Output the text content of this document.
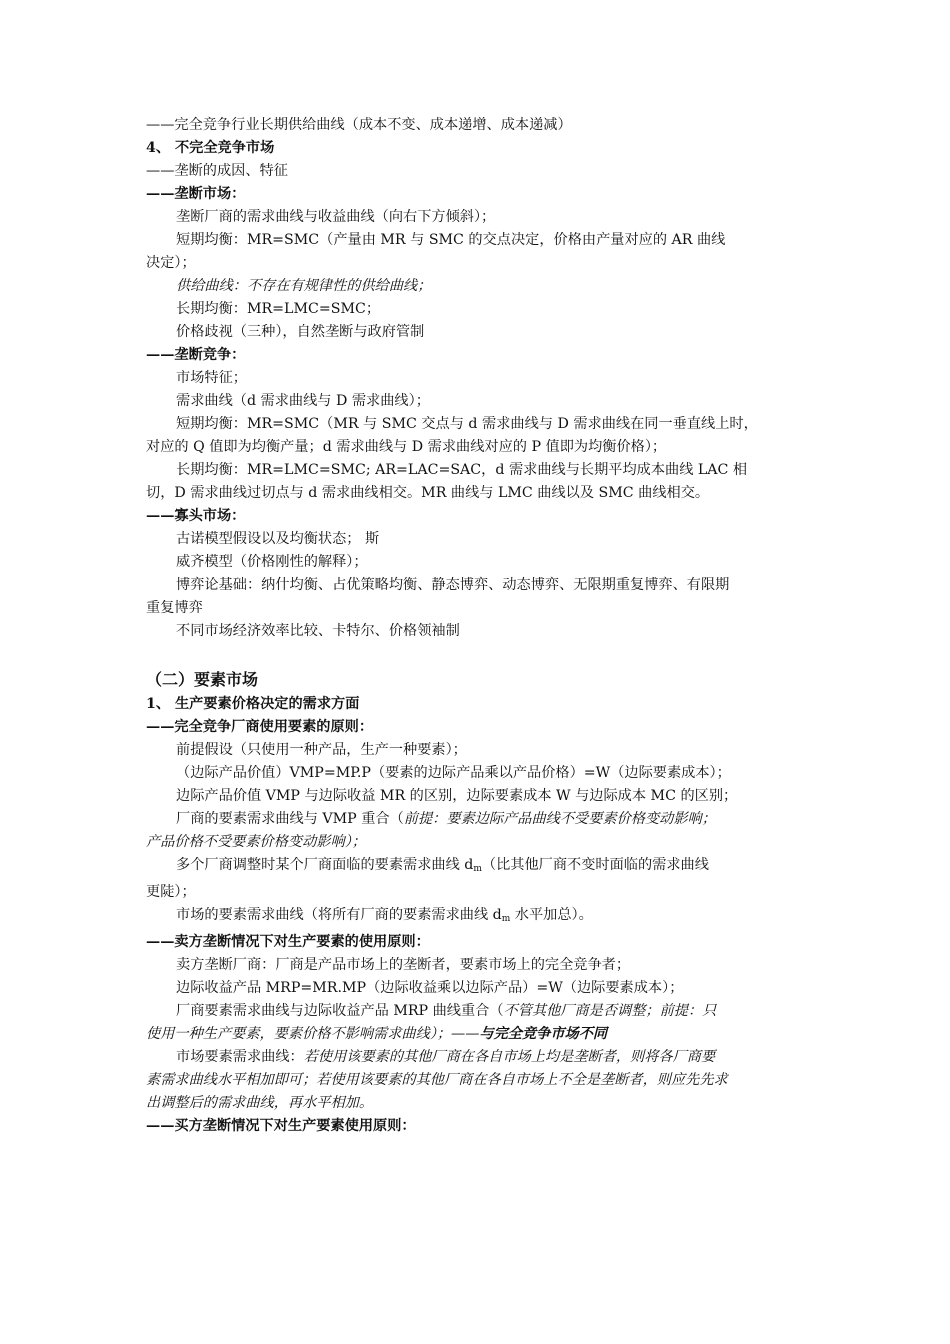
——完全竞争行业长期供给曲线（成本不变、成本递增、成本递减）

4、 不完全竞争市场

——垄断的成因、特征

——垄断市场：

垄断厂商的需求曲线与收益曲线（向右下方倾斜）；

短期均衡：MR=SMC（产量由 MR 与 SMC 的交点决定，价格由产量对应的 AR 曲线

决定）；

供给曲线：不存在有规律性的供给曲线；

长期均衡：MR=LMC=SMC；

价格歧视（三种），自然垄断与政府管制

——垄断竞争：

市场特征；

需求曲线（d 需求曲线与 D 需求曲线）；

短期均衡：MR=SMC（MR 与 SMC 交点与 d 需求曲线与 D 需求曲线在同一垂直线上时，

对应的 Q 值即为均衡产量；d 需求曲线与 D 需求曲线对应的 P 值即为均衡价格）；

长期均衡：MR=LMC=SMC; AR=LAC=SAC，d 需求曲线与长期平均成本曲线 LAC 相

切，D 需求曲线过切点与 d 需求曲线相交。MR 曲线与 LMC 曲线以及 SMC 曲线相交。

——寡头市场：

古诺模型假设以及均衡状态； 斯

威齐模型（价格刚性的解释）；

博弈论基础：纳什均衡、占优策略均衡、静态博弈、动态博弈、无限期重复博弈、有限期

重复博弈

不同市场经济效率比较、卡特尔、价格领袖制

（二）要素市场

1、 生产要素价格决定的需求方面

——完全竞争厂商使用要素的原则：

前提假设（只使用一种产品，生产一种要素）；

（边际产品价值）VMP=MP.P（要素的边际产品乘以产品价格）=W（边际要素成本）；

边际产品价值 VMP 与边际收益 MR 的区别，边际要素成本 W 与边际成本 MC 的区别；

厂商的要素需求曲线与 VMP 重合（前提：要素边际产品曲线不受要素价格变动影响；

产品价格不受要素价格变动影响）；

多个厂商调整时某个厂商面临的要素需求曲线 $d_m$（比其他厂商不变时面临的需求曲线

更陡）；

市场的要素需求曲线（将所有厂商的要素需求曲线 $d_m$ 水平加总）。

——卖方垄断情况下对生产要素的使用原则：

卖方垄断厂商：厂商是产品市场上的垄断者，要素市场上的完全竞争者；

边际收益产品 MRP=MR.MP（边际收益乘以边际产品）=W（边际要素成本）；

厂商要素需求曲线与边际收益产品 MRP 曲线重合（不管其他厂商是否调整；前提：只

使用一种生产要素，要素价格不影响需求曲线）；——与完全竞争市场不同

市场要素需求曲线：若使用该要素的其他厂商在各自市场上均是垄断者，则将各厂商要

素需求曲线水平相加即可；若使用该要素的其他厂商在各自市场上不全是垄断者，则应先先求

出调整后的需求曲线，再水平相加。

——买方垄断情况下对生产要素使用原则：
